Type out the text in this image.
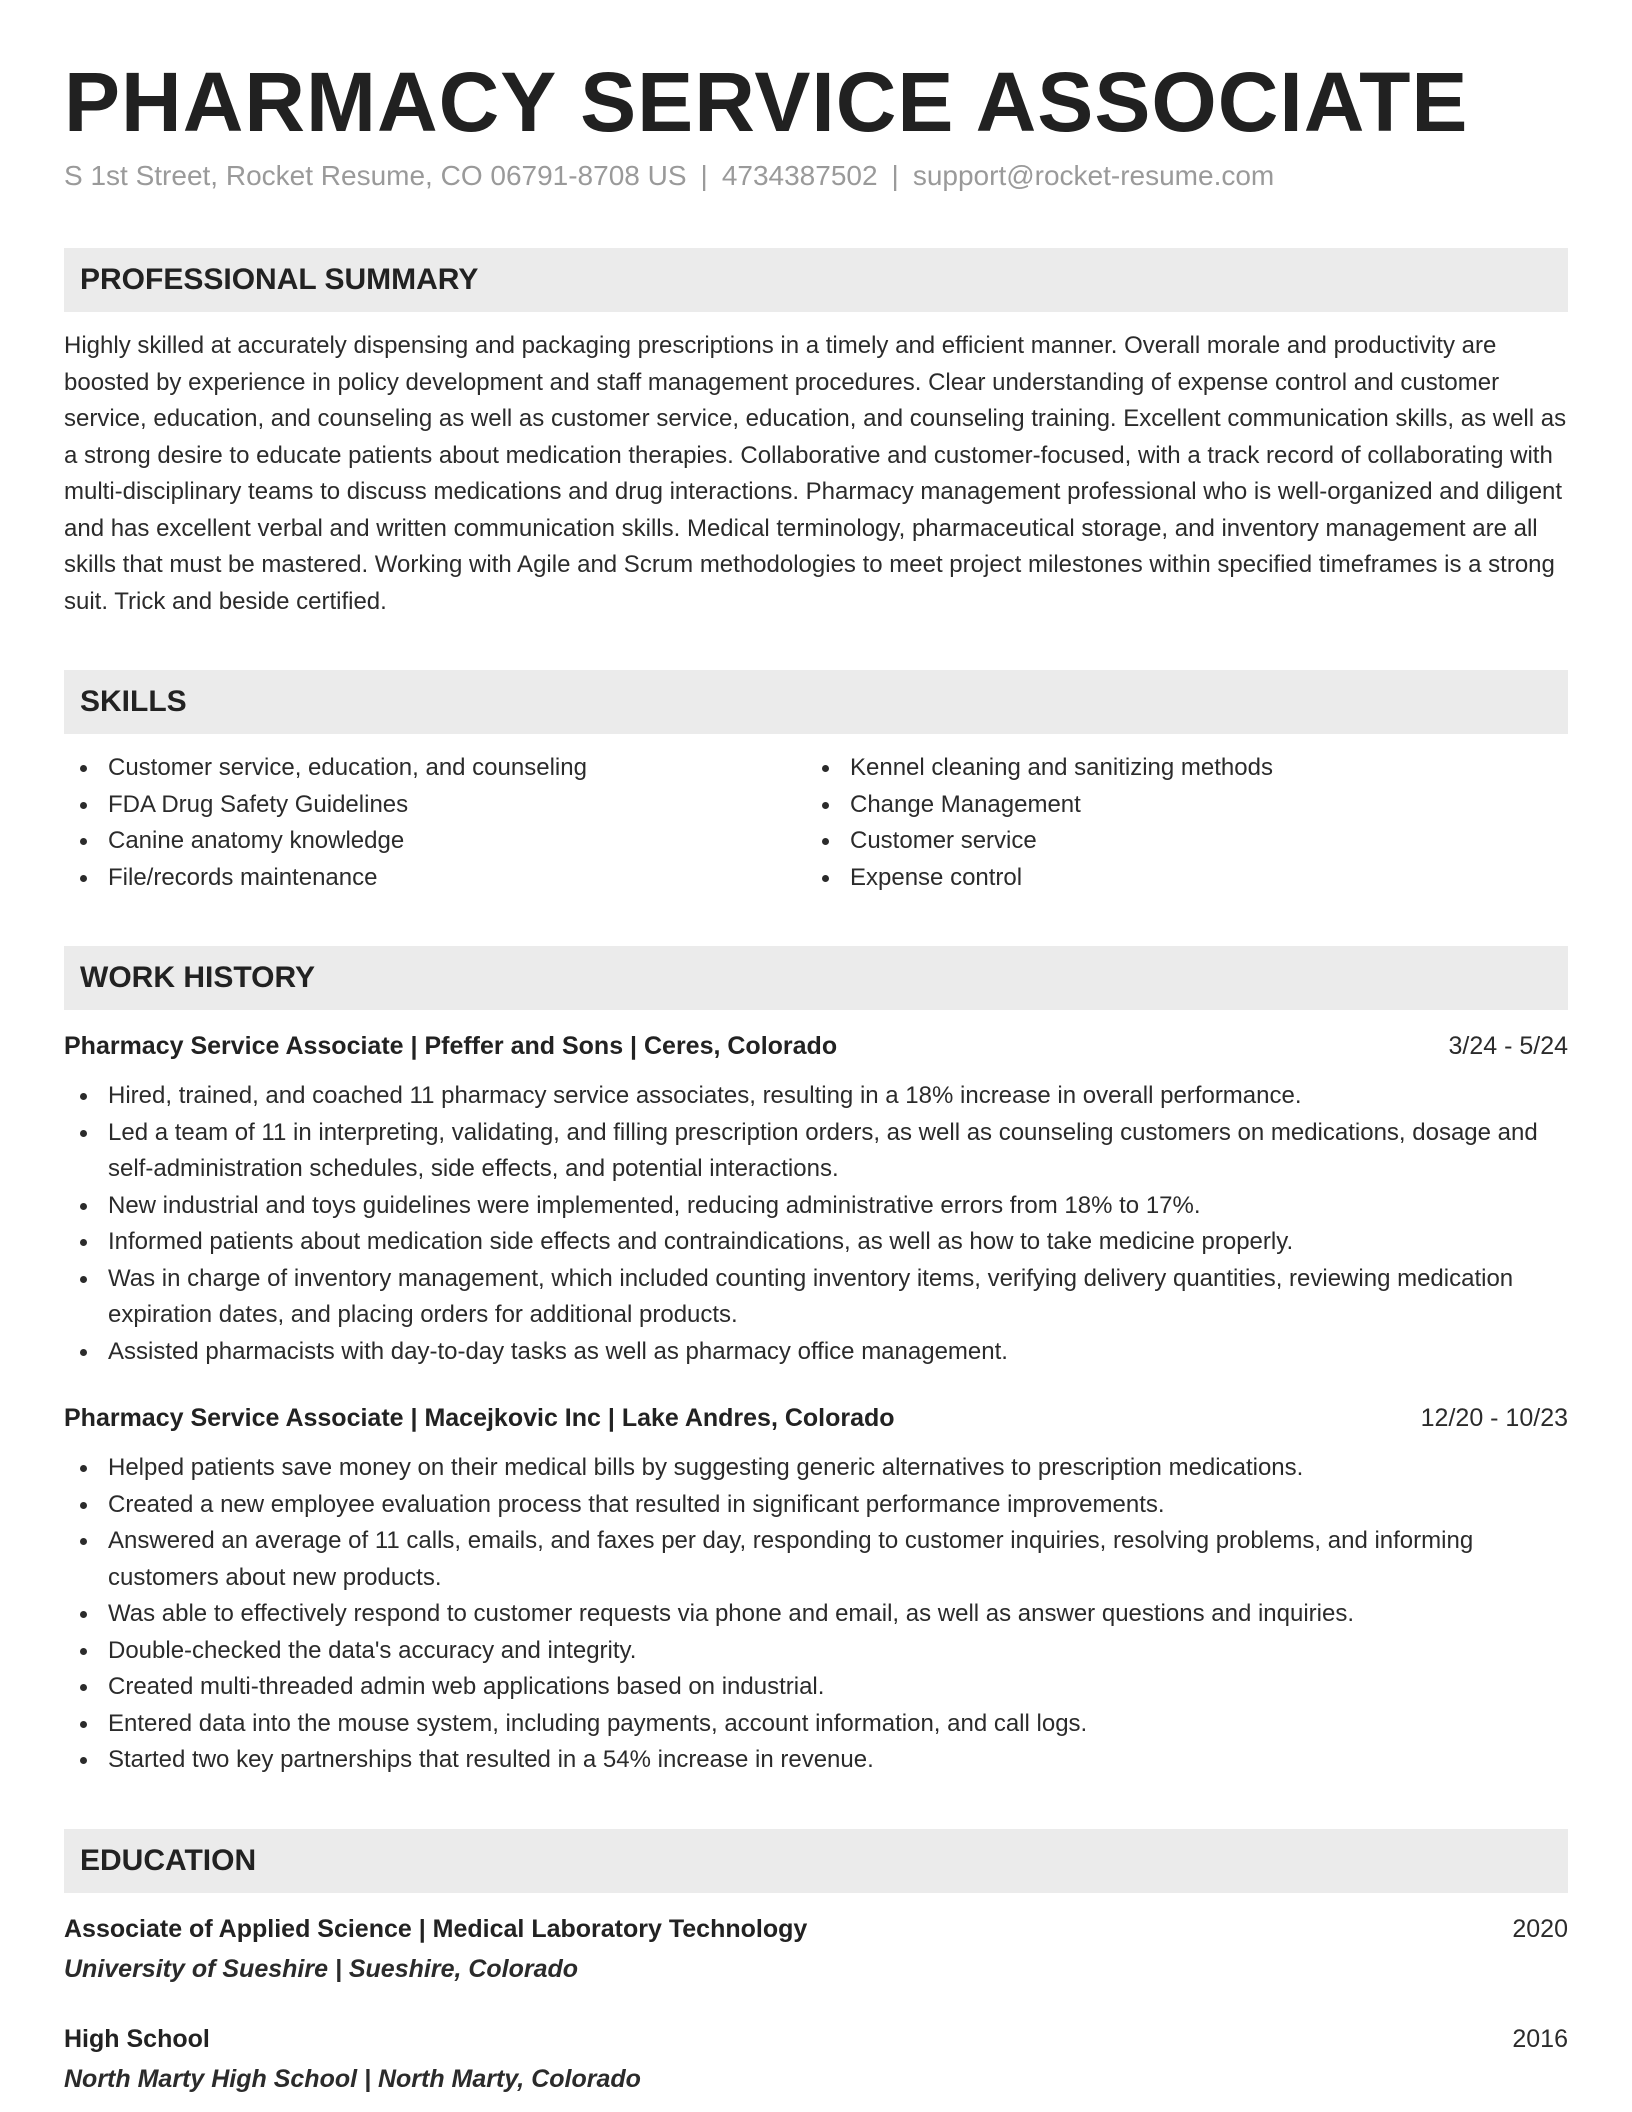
PHARMACY SERVICE ASSOCIATE
S 1st Street, Rocket Resume, CO 06791-8708 US | 4734387502 | support@rocket-resume.com
PROFESSIONAL SUMMARY

Highly skilled at accurately dispensing and packaging prescriptions in a timely and efficient manner. Overall morale and productivity are boosted by experience in policy development and staff management procedures. Clear understanding of expense control and customer service, education, and counseling as well as customer service, education, and counseling training. Excellent communication skills, as well as a strong desire to educate patients about medication therapies. Collaborative and customer-focused, with a track record of collaborating with multi-disciplinary teams to discuss medications and drug interactions. Pharmacy management professional who is well-organized and diligent and has excellent verbal and written communication skills. Medical terminology, pharmaceutical storage, and inventory management are all skills that must be mastered. Working with Agile and Scrum methodologies to meet project milestones within specified timeframes is a strong suit. Trick and beside certified.

SKILLS
Customer service, education, and counseling
FDA Drug Safety Guidelines
Canine anatomy knowledge
File/records maintenance
Kennel cleaning and sanitizing methods
Change Management
Customer service
Expense control
WORK HISTORY
Pharmacy Service Associate | Pfeffer and Sons | Ceres, Colorado	3/24 - 5/24
Hired, trained, and coached 11 pharmacy service associates, resulting in a 18% increase in overall performance.
Led a team of 11 in interpreting, validating, and filling prescription orders, as well as counseling customers on medications, dosage and self-administration schedules, side effects, and potential interactions.
New industrial and toys guidelines were implemented, reducing administrative errors from 18% to 17%.
Informed patients about medication side effects and contraindications, as well as how to take medicine properly.
Was in charge of inventory management, which included counting inventory items, verifying delivery quantities, reviewing medication expiration dates, and placing orders for additional products.
Assisted pharmacists with day-to-day tasks as well as pharmacy office management.
Pharmacy Service Associate | Macejkovic Inc | Lake Andres, Colorado	12/20 - 10/23
Helped patients save money on their medical bills by suggesting generic alternatives to prescription medications.
Created a new employee evaluation process that resulted in significant performance improvements.
Answered an average of 11 calls, emails, and faxes per day, responding to customer inquiries, resolving problems, and informing customers about new products.
Was able to effectively respond to customer requests via phone and email, as well as answer questions and inquiries.
Double-checked the data's accuracy and integrity.
Created multi-threaded admin web applications based on industrial.
Entered data into the mouse system, including payments, account information, and call logs.
Started two key partnerships that resulted in a 54% increase in revenue.
EDUCATION
Associate of Applied Science | Medical Laboratory Technology	2020
University of Sueshire | Sueshire, Colorado
High School	2016
North Marty High School | North Marty, Colorado
